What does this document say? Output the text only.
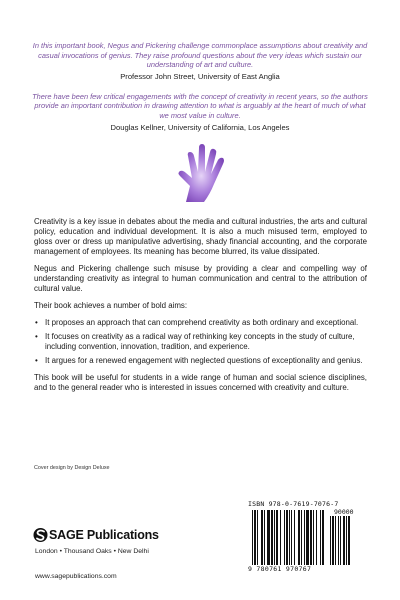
In this important book, Negus and Pickering challenge commonplace assumptions about creativity and casual invocations of genius. They raise profound questions about the very ideas which sustain our understanding of art and culture.

Professor John Street, University of East Anglia

There have been few critical engagements with the concept of creativity in recent years, so the authors provide an important contribution in drawing attention to what is arguably at the heart of much of what we most value in culture.

Douglas Kellner, University of California, Los Angeles

Creativity is a key issue in debates about the media and cultural industries, the arts and cultural policy, education and individual development. It is also a much misused term, employed to gloss over or dress up manipulative advertising, shady financial accounting, and the corporate management of employees. Its meaning has become blurred, its value dissipated.

Negus and Pickering challenge such misuse by providing a clear and compelling way of understanding creativity as integral to human communication and central to the attribution of cultural value.

Their book achieves a number of bold aims:

• It proposes an approach that can comprehend creativity as both ordinary and exceptional.
• It focuses on creativity as a radical way of rethinking key concepts in the study of culture, including convention, innovation, tradition, and experience.
• It argues for a renewed engagement with neglected questions of exceptionality and genius.

This book will be useful for students in a wide range of human and social science disciplines, and to the general reader who is interested in issues concerned with creativity and culture.

Cover design by Design Deluxe
SAGE Publications
London • Thousand Oaks • New Delhi
www.sagepublications.com
ISBN 978-0-7619-7076-7
90000
9 780761 970767
